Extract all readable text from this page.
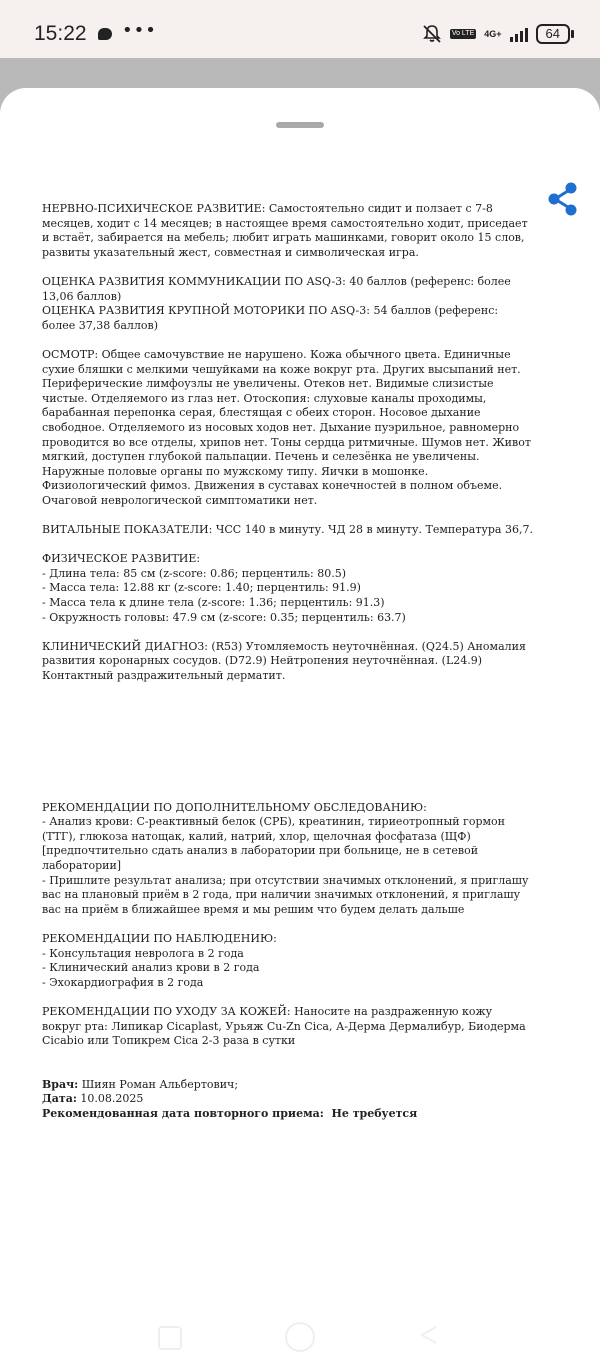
15:22 •••	Vo LTE 4G+	64

НЕРВНО-ПСИХИЧЕСКОЕ РАЗВИТИЕ: Самостоятельно сидит и ползает с 7-8 месяцев, ходит с 14 месяцев; в настоящее время самостоятельно ходит, приседает и встаёт, забирается на мебель; любит играть машинками, говорит около 15 слов, развиты указательный жест, совместная и символическая игра.

ОЦЕНКА РАЗВИТИЯ КОММУНИКАЦИИ ПО ASQ-3: 40 баллов (референс: более 13,06 баллов)
ОЦЕНКА РАЗВИТИЯ КРУПНОЙ МОТОРИКИ ПО ASQ-3: 54 баллов (референс: более 37,38 баллов)

ОСМОТР: Общее самочувствие не нарушено. Кожа обычного цвета. Единичные сухие бляшки с мелкими чешуйками на коже вокруг рта. Других высыпаний нет. Периферические лимфоузлы не увеличены. Отеков нет. Видимые слизистые чистые. Отделяемого из глаз нет. Отоскопия: слуховые каналы проходимы, барабанная перепонка серая, блестящая с обеих сторон. Носовое дыхание свободное. Отделяемого из носовых ходов нет. Дыхание пуэрильное, равномерно проводится во все отделы, хрипов нет. Тоны сердца ритмичные. Шумов нет. Живот мягкий, доступен глубокой пальпации. Печень и селезёнка не увеличены. Наружные половые органы по мужскому типу. Яички в мошонке. Физиологический фимоз. Движения в суставах конечностей в полном объеме. Очаговой неврологической симптоматики нет.

ВИТАЛЬНЫЕ ПОКАЗАТЕЛИ: ЧСС 140 в минуту. ЧД 28 в минуту. Температура 36,7.

ФИЗИЧЕСКОЕ РАЗВИТИЕ:
- Длина тела: 85 см (z-score: 0.86; перцентиль: 80.5)
- Масса тела: 12.88 кг (z-score: 1.40; перцентиль: 91.9)
- Масса тела к длине тела (z-score: 1.36; перцентиль: 91.3)
- Окружность головы: 47.9 см (z-score: 0.35; перцентиль: 63.7)

КЛИНИЧЕСКИЙ ДИАГНОЗ: (R53) Утомляемость неуточнённая. (Q24.5) Аномалия развития коронарных сосудов. (D72.9) Нейтропения неуточнённая. (L24.9) Контактный раздражительный дерматит.

РЕКОМЕНДАЦИИ ПО ДОПОЛНИТЕЛЬНОМУ ОБСЛЕДОВАНИЮ:
- Анализ крови: С-реактивный белок (СРБ), креатинин, тириеотропный гормон (ТТГ), глюкоза натощак, калий, натрий, хлор, щелочная фосфатаза (ЩФ) [предпочтительно сдать анализ в лаборатории при больнице, не в сетевой лаборатории]
- Пришлите результат анализа; при отсутствии значимых отклонений, я приглашу вас на плановый приём в 2 года, при наличии значимых отклонений, я приглашу вас на приём в ближайшее время и мы решим что будем делать дальше

РЕКОМЕНДАЦИИ ПО НАБЛЮДЕНИЮ:
- Консультация невролога в 2 года
- Клинический анализ крови в 2 года
- Эхокардиография в 2 года

РЕКОМЕНДАЦИИ ПО УХОДУ ЗА КОЖЕЙ: Наносите на раздраженную кожу вокруг рта: Липикар Cicaplast, Урьяж Cu-Zn Cica, А-Дерма Дермалибур, Биодерма Cicabio или Топикрем Cica 2-3 раза в сутки

Врач: Шиян Роман Альбертович;
Дата: 10.08.2025
Рекомендованная дата повторного приема:  Не требуется
